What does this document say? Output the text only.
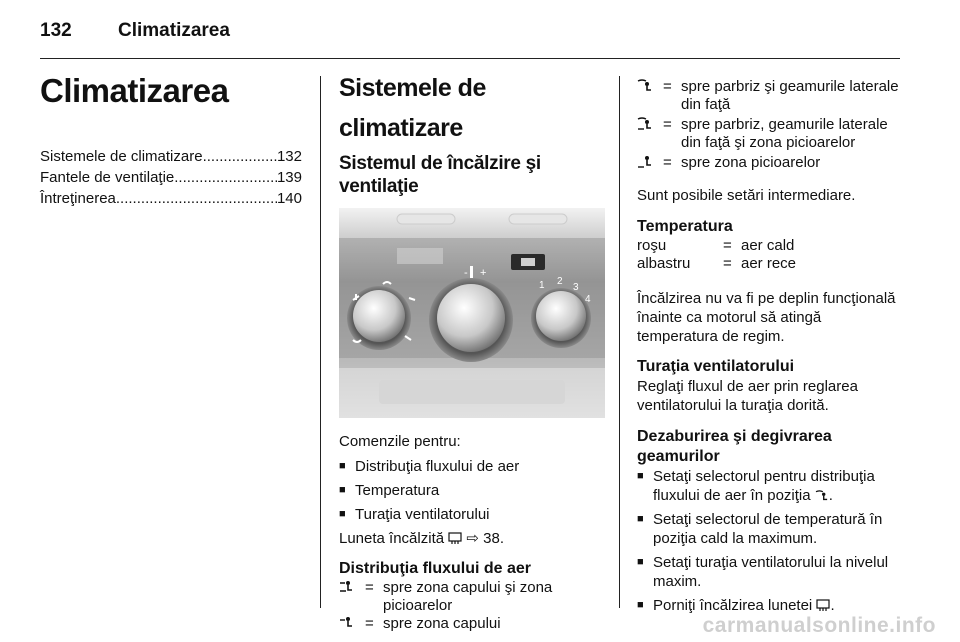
132 Climatizarea
Climatizarea
Sistemele de climatizare .....	132
Fantele de ventilaţie .....	139
Întreţinerea .....	140
Sistemele de climatizare
Sistemul de încălzire şi ventilaţie
- +
1 2
3
4

Comenzile pentru:

■ Distribuţia fluxului de aer
■ Temperatura
■ Turaţia ventilatorului

Luneta încălzită ⇨ 38.

Distribuţia fluxului de aer
= spre zona capului şi zona picioarelor
= spre zona capului
= spre parbriz şi geamurile laterale din faţă
= spre parbriz, geamurile laterale din faţă şi zona picioarelor
= spre zona picioarelor

Sunt posibile setări intermediare.

Temperatura
roşu	= aer cald
albastru	= aer rece

Încălzirea nu va fi pe deplin funcţională înainte ca motorul să atingă temperatura de regim.

Turaţia ventilatorului

Reglaţi fluxul de aer prin reglarea ventilatorului la turaţia dorită.

Dezaburirea şi degivrarea geamurilor
■ Setaţi selectorul pentru distribuţia fluxului de aer în poziţia .
■ Setaţi selectorul de temperatură în poziţia cald la maximum.
■ Setaţi turaţia ventilatorului la nivelul maxim.
■ Porniţi încălzirea lunetei .
carmanualsonline.info
